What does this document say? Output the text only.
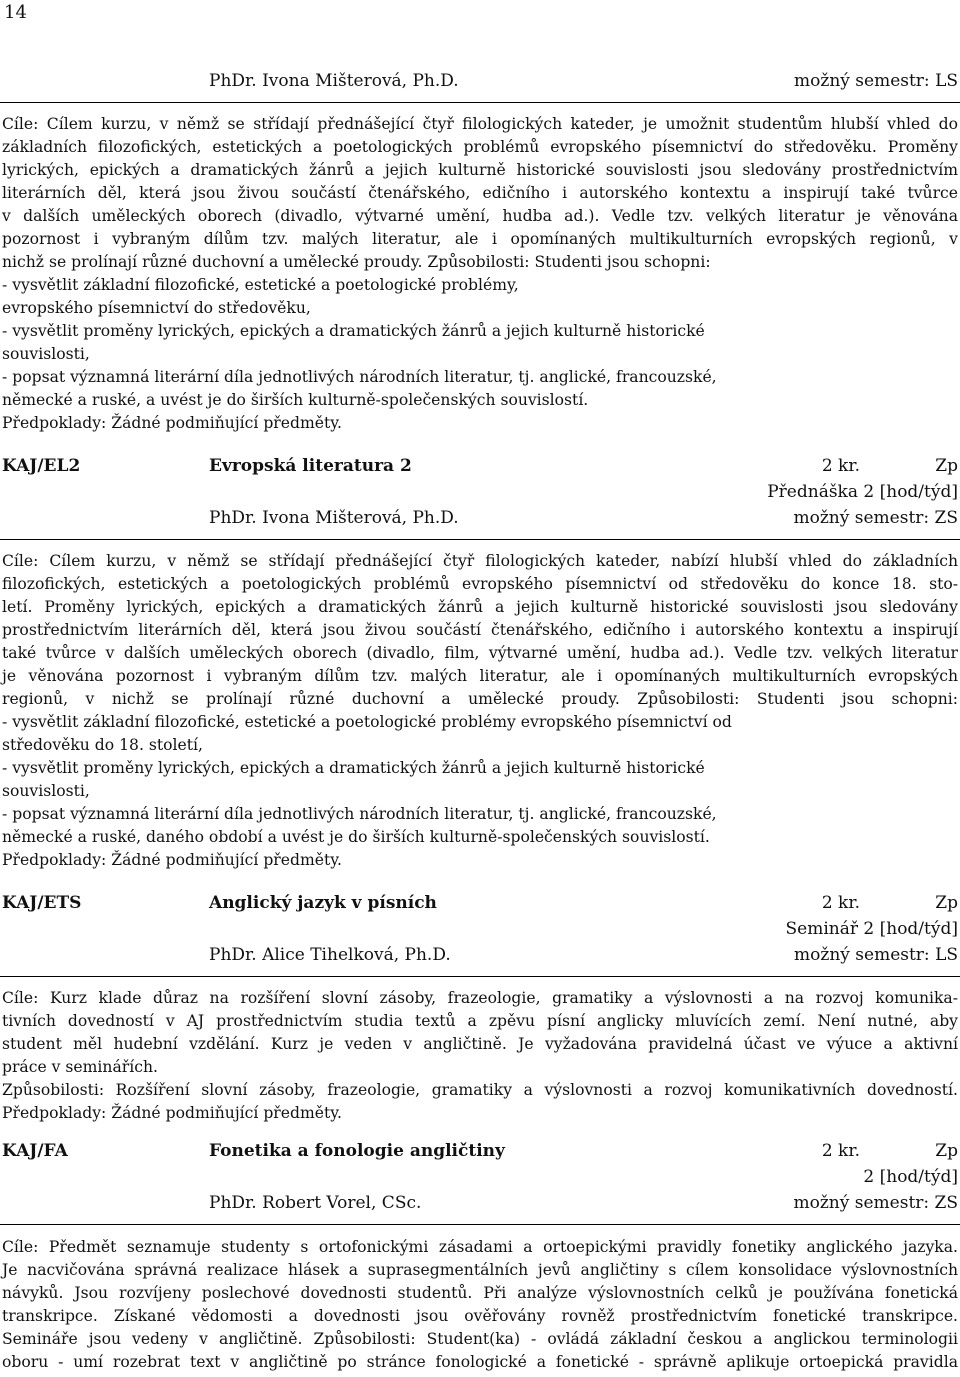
14
PhDr. Ivona Mišterová, Ph.D.	možný semestr: LS
Cíle: Cílem kurzu, v němž se střídají přednášející čtyř filologických kateder, je umožnit studentům hlubší vhled do
základních filozofických, estetických a poetologických problémů evropského písemnictví do středověku. Proměny
lyrických, epických a dramatických žánrů a jejich kulturně historické souvislosti jsou sledovány prostřednictvím
literárních děl, která jsou živou součástí čtenářského, edičního i autorského kontextu a inspirují také tvůrce
v dalších uměleckých oborech (divadlo, výtvarné umění, hudba ad.). Vedle tzv. velkých literatur je věnována
pozornost i vybraným dílům tzv. malých literatur, ale i opomínaných multikulturních evropských regionů, v
nichž se prolínají různé duchovní a umělecké proudy. Způsobilosti: Studenti jsou schopni:
- vysvětlit základní filozofické, estetické a poetologické problémy,
evropského písemnictví do středověku,
- vysvětlit proměny lyrických, epických a dramatických žánrů a jejich kulturně historické
souvislosti,
- popsat významná literární díla jednotlivých národních literatur, tj. anglické, francouzské,
německé a ruské, a uvést je do širších kulturně-společenských souvislostí.
Předpoklady: Žádné podmiňující předměty.
KAJ/EL2	Evropská literatura 2	2 kr.	Zp
Přednáška 2 [hod/týd]
PhDr. Ivona Mišterová, Ph.D.	možný semestr: ZS
Cíle: Cílem kurzu, v němž se střídají přednášející čtyř filologických kateder, nabízí hlubší vhled do základních
filozofických, estetických a poetologických problémů evropského písemnictví od středověku do konce 18. sto-
letí. Proměny lyrických, epických a dramatických žánrů a jejich kulturně historické souvislosti jsou sledovány
prostřednictvím literárních děl, která jsou živou součástí čtenářského, edičního i autorského kontextu a inspirují
také tvůrce v dalších uměleckých oborech (divadlo, film, výtvarné umění, hudba ad.). Vedle tzv. velkých literatur
je věnována pozornost i vybraným dílům tzv. malých literatur, ale i opomínaných multikulturních evropských
regionů, v nichž se prolínají různé duchovní a umělecké proudy. Způsobilosti: Studenti jsou schopni:
- vysvětlit základní filozofické, estetické a poetologické problémy evropského písemnictví od
středověku do 18. století,
- vysvětlit proměny lyrických, epických a dramatických žánrů a jejich kulturně historické
souvislosti,
- popsat významná literární díla jednotlivých národních literatur, tj. anglické, francouzské,
německé a ruské, daného období a uvést je do širších kulturně-společenských souvislostí.
Předpoklady: Žádné podmiňující předměty.
KAJ/ETS	Anglický jazyk v písních	2 kr.	Zp
Seminář 2 [hod/týd]
PhDr. Alice Tihelková, Ph.D.	možný semestr: LS
Cíle: Kurz klade důraz na rozšíření slovní zásoby, frazeologie, gramatiky a výslovnosti a na rozvoj komunika-
tivních dovedností v AJ prostřednictvím studia textů a zpěvu písní anglicky mluvících zemí. Není nutné, aby
student měl hudební vzdělání. Kurz je veden v angličtině. Je vyžadována pravidelná účast ve výuce a aktivní
práce v seminářích.
Způsobilosti: Rozšíření slovní zásoby, frazeologie, gramatiky a výslovnosti a rozvoj komunikativních dovedností.
Předpoklady: Žádné podmiňující předměty.
KAJ/FA	Fonetika a fonologie angličtiny	2 kr.	Zp
2 [hod/týd]
PhDr. Robert Vorel, CSc.	možný semestr: ZS
Cíle: Předmět seznamuje studenty s ortofonickými zásadami a ortoepickými pravidly fonetiky anglického jazyka.
Je nacvičována správná realizace hlásek a suprasegmentálních jevů angličtiny s cílem konsolidace výslovnostních
návyků. Jsou rozvíjeny poslechové dovednosti studentů. Při analýze výslovnostních celků je používána fonetická
transkripce. Získané vědomosti a dovednosti jsou ověřovány rovněž prostřednictvím fonetické transkripce.
Semináře jsou vedeny v angličtině. Způsobilosti: Student(ka) - ovládá základní českou a anglickou terminologii
oboru - umí rozebrat text v angličtině po stránce fonologické a fonetické - správně aplikuje ortoepická pravidla
